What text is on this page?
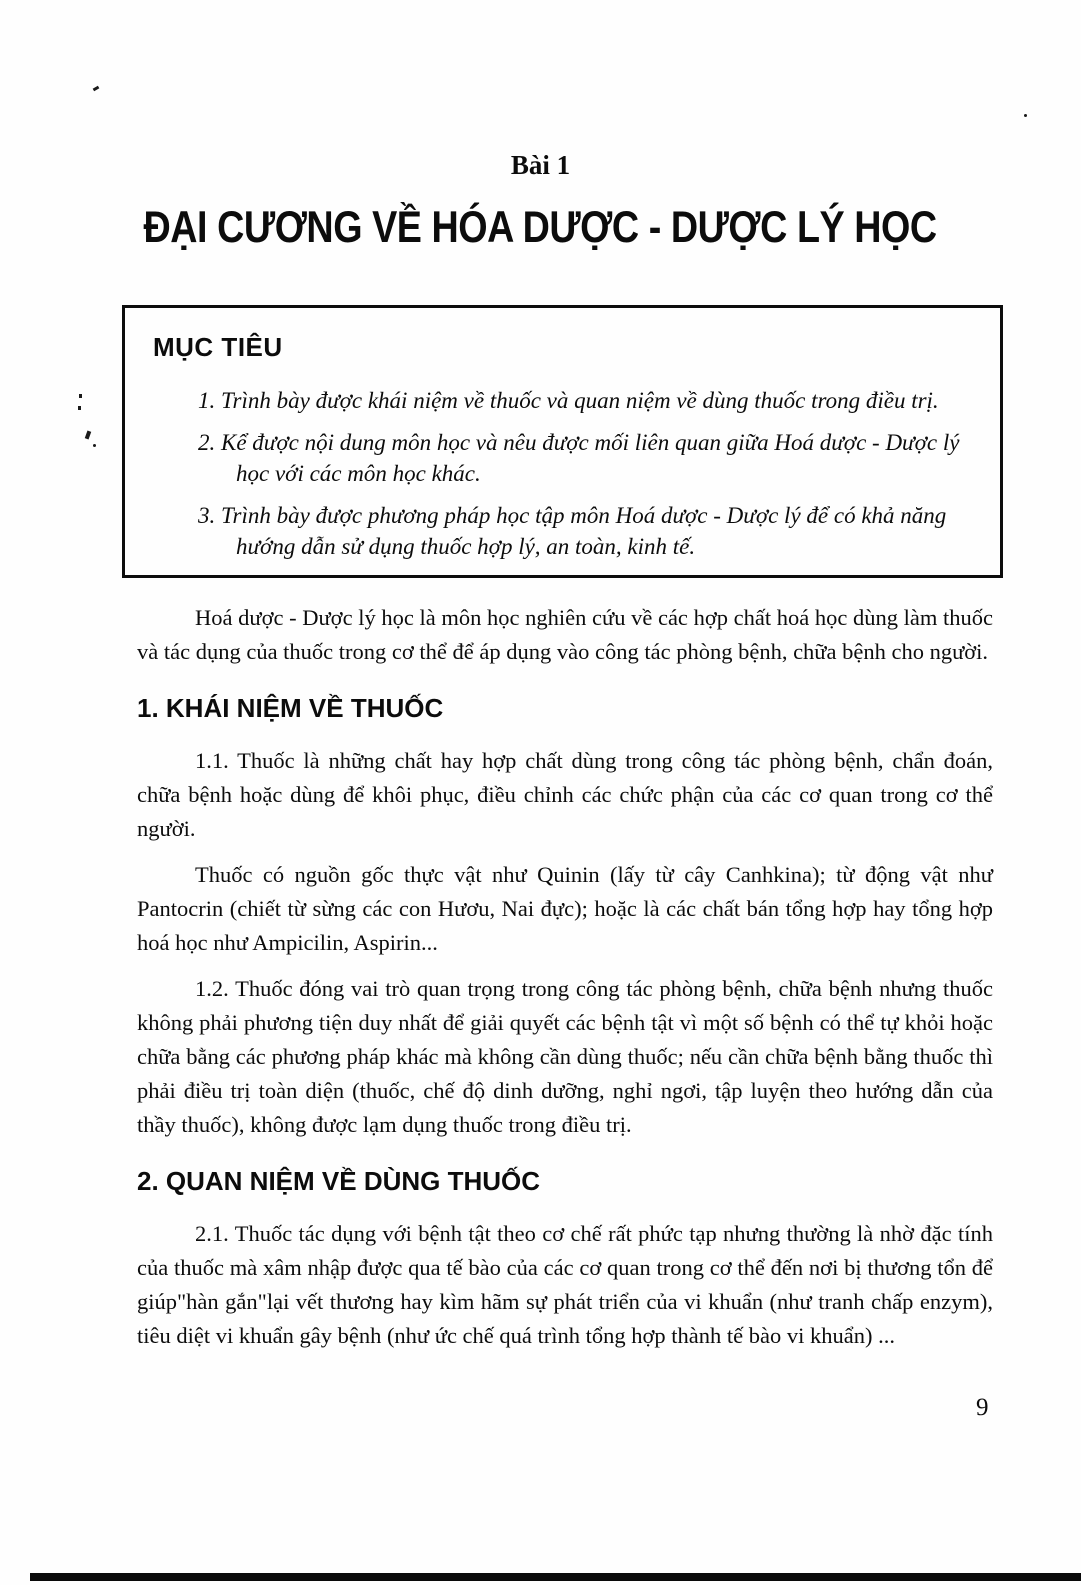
Bài 1
ĐẠI CƯƠNG VỀ HÓA DƯỢC - DƯỢC LÝ HỌC
MỤC TIÊU
1. Trình bày được khái niệm về thuốc và quan niệm về dùng thuốc trong điều trị.
2. Kể được nội dung môn học và nêu được mối liên quan giữa Hoá dược - Dược lý học với các môn học khác.
3. Trình bày được phương pháp học tập môn Hoá dược - Dược lý để có khả năng hướng dẫn sử dụng thuốc hợp lý, an toàn, kinh tế.

Hoá dược - Dược lý học là môn học nghiên cứu về các hợp chất hoá học dùng làm thuốc và tác dụng của thuốc trong cơ thể để áp dụng vào công tác phòng bệnh, chữa bệnh cho người.

1. KHÁI NIỆM VỀ THUỐC

1.1. Thuốc là những chất hay hợp chất dùng trong công tác phòng bệnh, chẩn đoán, chữa bệnh hoặc dùng để khôi phục, điều chỉnh các chức phận của các cơ quan trong cơ thể người.

Thuốc có nguồn gốc thực vật như Quinin (lấy từ cây Canhkina); từ động vật như Pantocrin (chiết từ sừng các con Hươu, Nai đực); hoặc là các chất bán tổng hợp hay tổng hợp hoá học như Ampicilin, Aspirin...

1.2. Thuốc đóng vai trò quan trọng trong công tác phòng bệnh, chữa bệnh nhưng thuốc không phải phương tiện duy nhất để giải quyết các bệnh tật vì một số bệnh có thể tự khỏi hoặc chữa bằng các phương pháp khác mà không cần dùng thuốc; nếu cần chữa bệnh bằng thuốc thì phải điều trị toàn diện (thuốc, chế độ dinh dưỡng, nghỉ ngơi, tập luyện theo hướng dẫn của thầy thuốc), không được lạm dụng thuốc trong điều trị.

2. QUAN NIỆM VỀ DÙNG THUỐC

2.1. Thuốc tác dụng với bệnh tật theo cơ chế rất phức tạp nhưng thường là nhờ đặc tính của thuốc mà xâm nhập được qua tế bào của các cơ quan trong cơ thể đến nơi bị thương tổn để giúp"hàn gắn"lại vết thương hay kìm hãm sự phát triển của vi khuẩn (như tranh chấp enzym), tiêu diệt vi khuẩn gây bệnh (như ức chế quá trình tổng hợp thành tế bào vi khuẩn) ...

9
